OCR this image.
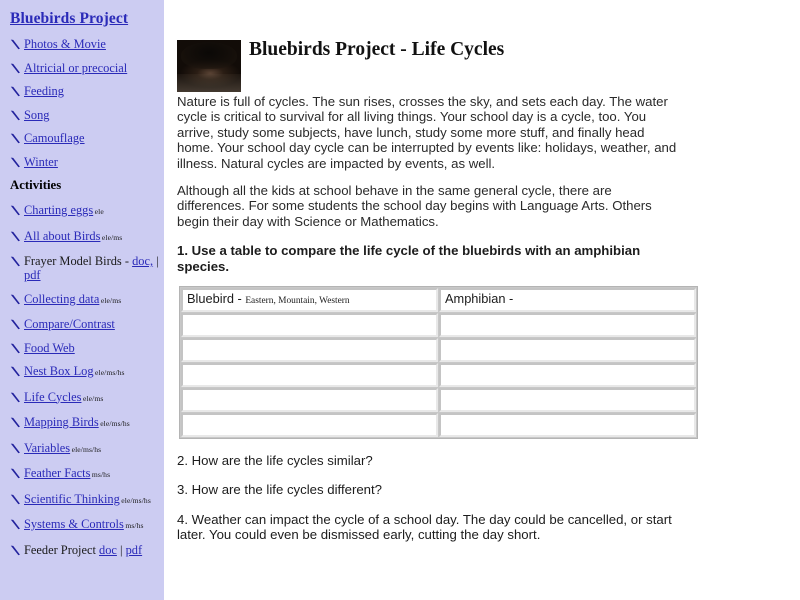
Bluebirds Project
Photos & Movie
Altricial or precocial
Feeding
Song
Camouflage
Winter
Activities
Charting eggs ele
All about Birds ele/ms
Frayer Model Birds - doc, | pdf
Collecting data ele/ms
Compare/Contrast
Food Web
Nest Box Log ele/ms/hs
Life Cycles ele/ms
Mapping Birds ele/ms/hs
Variables ele/ms/hs
Feather Facts ms/hs
Scientific Thinking ele/ms/hs
Systems & Controls ms/hs
Feeder Project doc | pdf
Bluebirds Project - Life Cycles

Nature is full of cycles. The sun rises, crosses the sky, and sets each day. The water cycle is critical to survival for all living things. Your school day is a cycle, too. You arrive, study some subjects, have lunch, study some more stuff, and finally head home. Your school day cycle can be interrupted by events like: holidays, weather, and illness. Natural cycles are impacted by events, as well.

Although all the kids at school behave in the same general cycle, there are differences. For some students the school day begins with Language Arts. Others begin their day with Science or Mathematics.

1. Use a table to compare the life cycle of the bluebirds with an amphibian species.

Bluebird - Eastern, Mountain, Western	Amphibian -

2. How are the life cycles similar?

3. How are the life cycles different?

4. Weather can impact the cycle of a school day. The day could be cancelled, or start later. You could even be dismissed early, cutting the day short.
